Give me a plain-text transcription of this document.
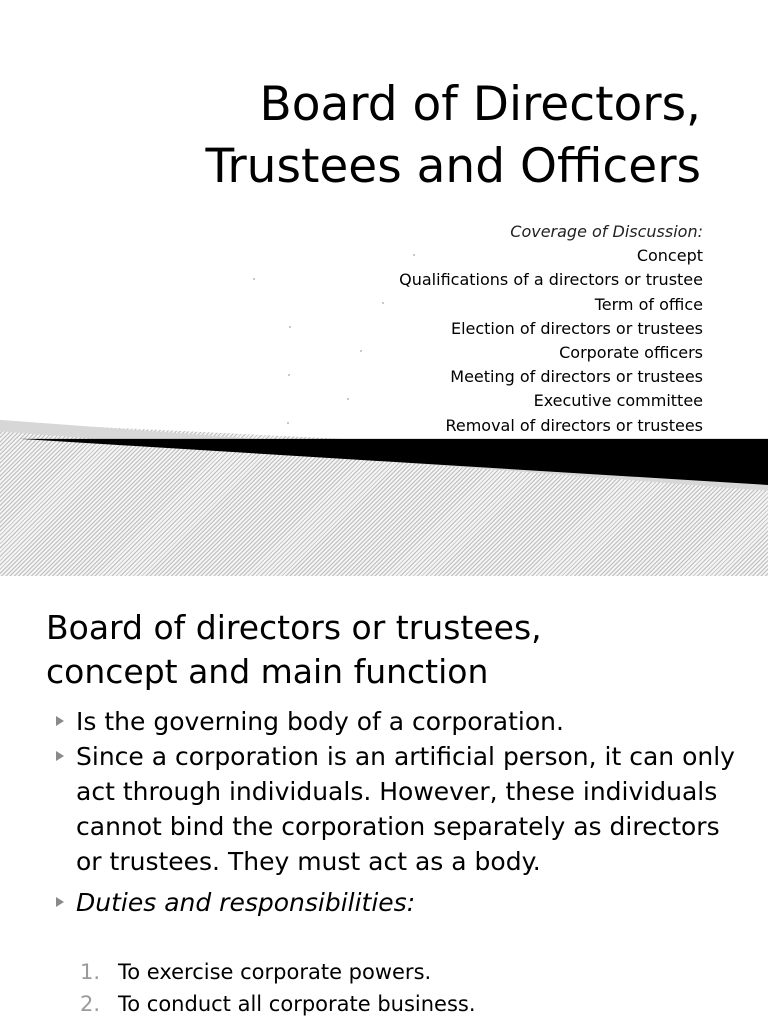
Board of Directors,
Trustees and Officers
Coverage of Discussion:
Concept
Qualifications of a directors or trustee
Term of office
Election of directors or trustees
Corporate officers
Meeting of directors or trustees
Executive committee
Removal of directors or trustees
Board of directors or trustees,
concept and main function
Is the governing body of a corporation.
Since a corporation is an artificial person, it can only act through individuals. However, these individuals cannot bind the corporation separately as directors or trustees. They must act as a body.
Duties and responsibilities:
1. To exercise corporate powers.
2. To conduct all corporate business.
